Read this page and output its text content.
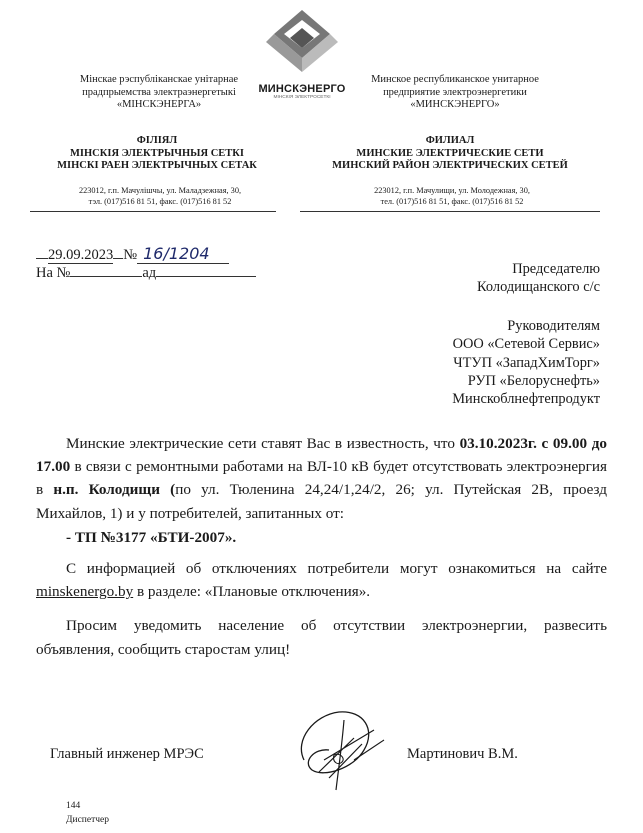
Мінскае рэспубліканскае унітарнае
прадпрыемства электраэнергетыкі
«МІНСКЭНЕРГА»
ФІЛІЯЛ
МІНСКІЯ ЭЛЕКТРЫЧНЫЯ СЕТКІ
МІНСКІ РАЕН ЭЛЕКТРЫЧНЫХ СЕТАК
223012, г.п. Мачулішчы, ул. Маладзежная, 30,
тэл. (017)516 81 51, факс. (017)516 81 52
МИНСКЭНЕРГО
МІНСКІЯ ЭЛЕКТРОСЕТКІ
Минское республиканское унитарное
предприятие электроэнергетики
«МИНСКЭНЕРГО»
ФИЛИАЛ
МИНСКИЕ ЭЛЕКТРИЧЕСКИЕ СЕТИ
МИНСКИЙ РАЙОН ЭЛЕКТРИЧЕСКИХ СЕТЕЙ
223012, г.п. Мачулищи, ул. Молодежная, 30,
тел. (017)516 81 51, факс. (017)516 81 52
29.09.2023 № 16/1204
На №	ад	Председателю
Колодищанского с/с
Руководителям
ООО «Сетевой Сервис»
ЧТУП «ЗападХимТорг»
РУП «Белоруснефть»
Минскоблнефтепродукт

Минские электрические сети ставят Вас в известность, что 03.10.2023г. с 09.00 до 17.00 в связи с ремонтными работами на ВЛ-10 кВ будет отсутствовать электроэнергия в н.п. Колодищи (по ул. Тюленина 24,24/1,24/2, 26; ул. Путейская 2В, проезд Михайлов, 1) и у потребителей, запитанных от:

- ТП №3177 «БТИ-2007».

С информацией об отключениях потребители могут ознакомиться на сайте minskenergo.by в разделе: «Плановые отключения».

Просим уведомить население об отсутствии электроэнергии, развесить объявления, сообщить старостам улиц!

Главный инженер МРЭС	Мартинович В.М.
144
Диспетчер
